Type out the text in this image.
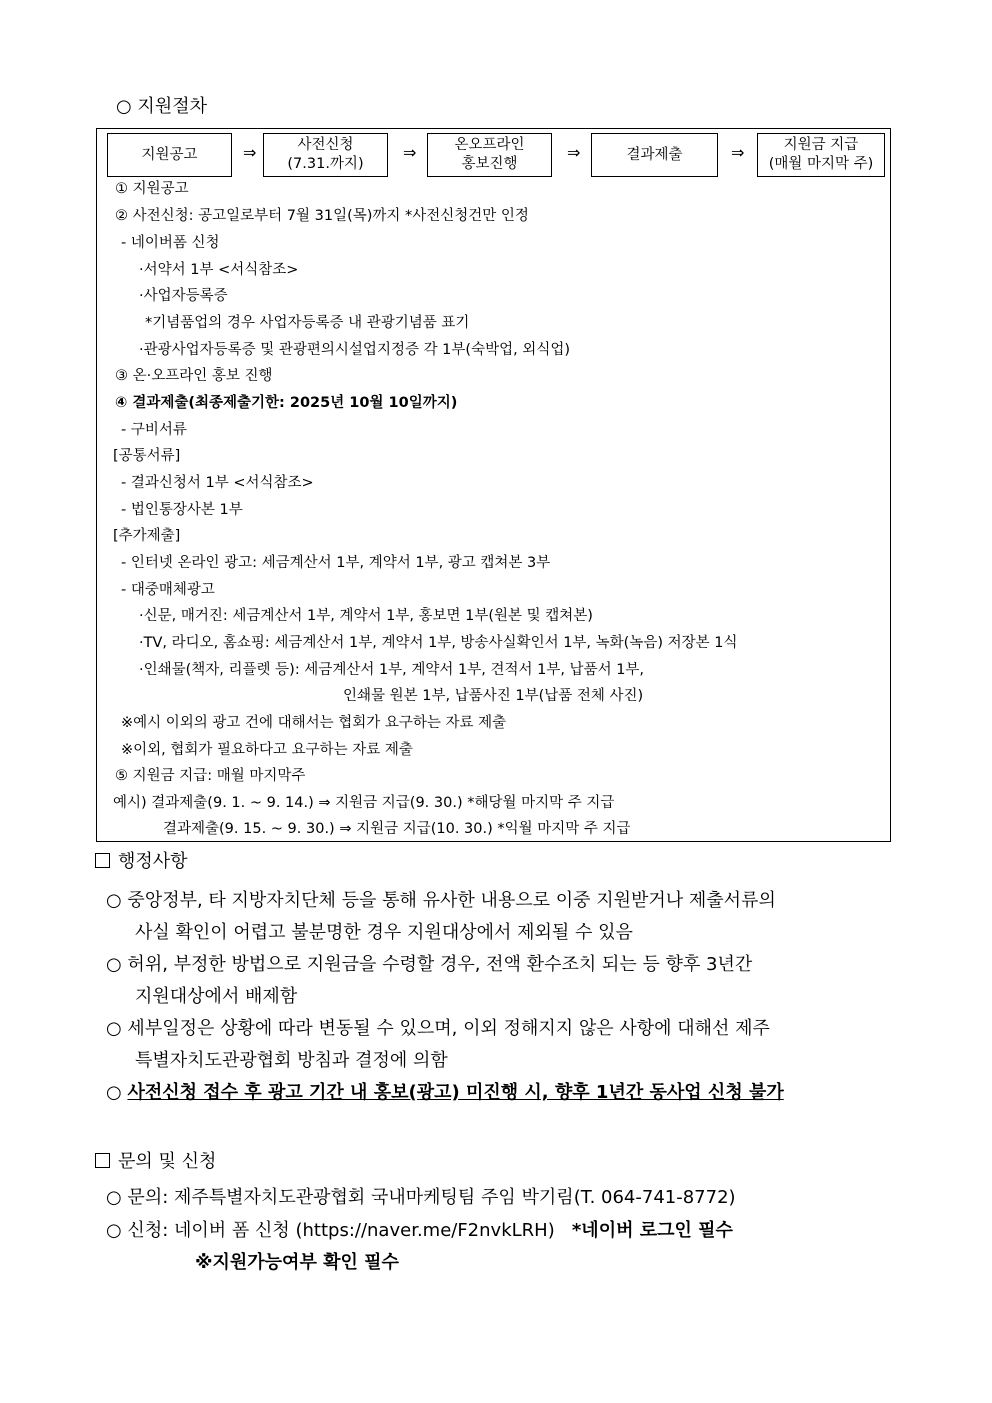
○ 지원절차
지원공고	⇒	사전신청
(7.31.까지)
⇒	온오프라인
홍보진행
⇒	결과제출	⇒	지원금 지급
(매월 마지막 주)
① 지원공고
② 사전신청: 공고일로부터 7월 31일(목)까지 *사전신청건만 인정
- 네이버폼 신청
·서약서 1부 <서식참조>
·사업자등록증
*기념품업의 경우 사업자등록증 내 관광기념품 표기
·관광사업자등록증 및 관광편의시설업지정증 각 1부(숙박업, 외식업)
③ 온·오프라인 홍보 진행
④ 결과제출(최종제출기한: 2025년 10월 10일까지)
- 구비서류
[공통서류]
- 결과신청서 1부 <서식참조>
- 법인통장사본 1부
[추가제출]
- 인터넷 온라인 광고: 세금계산서 1부, 계약서 1부, 광고 캡쳐본 3부
- 대중매체광고
·신문, 매거진: 세금계산서 1부, 계약서 1부, 홍보면 1부(원본 및 캡쳐본)
·TV, 라디오, 홈쇼핑: 세금계산서 1부, 계약서 1부, 방송사실확인서 1부, 녹화(녹음) 저장본 1식
·인쇄물(책자, 리플렛 등): 세금계산서 1부, 계약서 1부, 견적서 1부, 납품서 1부,
인쇄물 원본 1부, 납품사진 1부(납품 전체 사진)
※예시 이외의 광고 건에 대해서는 협회가 요구하는 자료 제출
※이외, 협회가 필요하다고 요구하는 자료 제출
⑤ 지원금 지급: 매월 마지막주
예시) 결과제출(9. 1. ~ 9. 14.) ⇒ 지원금 지급(9. 30.) *해당월 마지막 주 지급
결과제출(9. 15. ~ 9. 30.) ⇒ 지원금 지급(10. 30.) *익월 마지막 주 지급
행정사항
○ 중앙정부, 타 지방자치단체 등을 통해 유사한 내용으로 이중 지원받거나 제출서류의
사실 확인이 어렵고 불분명한 경우 지원대상에서 제외될 수 있음
○ 허위, 부정한 방법으로 지원금을 수령할 경우, 전액 환수조치 되는 등 향후 3년간
지원대상에서 배제함
○ 세부일정은 상황에 따라 변동될 수 있으며, 이외 정해지지 않은 사항에 대해선 제주
특별자치도관광협회 방침과 결정에 의함
○ 사전신청 접수 후 광고 기간 내 홍보(광고) 미진행 시, 향후 1년간 동사업 신청 불가
문의 및 신청
○ 문의: 제주특별자치도관광협회 국내마케팅팀 주임 박기림(T. 064-741-8772)
○ 신청: 네이버 폼 신청 (https://naver.me/F2nvkLRH) *네이버 로그인 필수
※지원가능여부 확인 필수
